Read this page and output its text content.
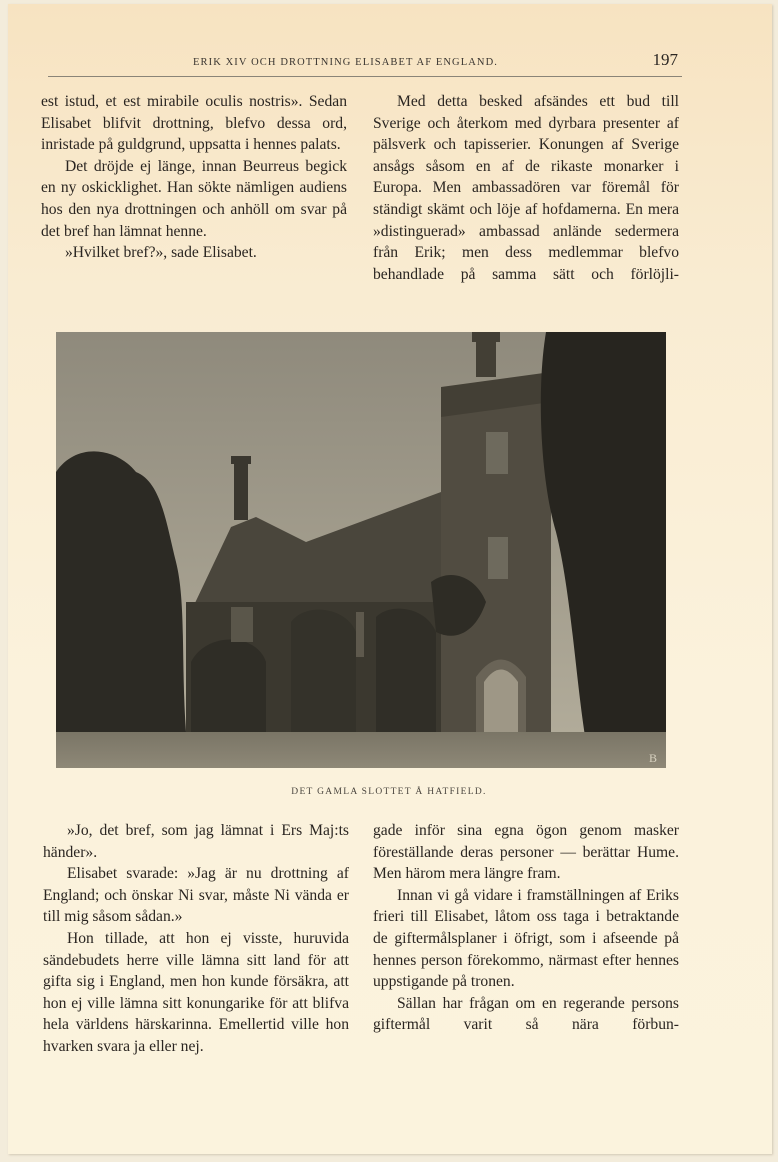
ERIK XIV OCH DROTTNING ELISABET AF ENGLAND.	197

est istud, et est mirabile oculis nostris». Sedan Elisabet blifvit drottning, blefvo dessa ord, inristade på guldgrund, uppsatta i hennes palats.

Det dröjde ej länge, innan Beurreus begick en ny oskicklighet. Han sökte nämligen audiens hos den nya drottningen och anhöll om svar på det bref han lämnat henne.

»Hvilket bref?», sade Elisabet.

Med detta besked afsändes ett bud till Sverige och återkom med dyrbara presenter af pälsverk och tapisserier. Konungen af Sverige ansågs såsom en af de rikaste monarker i Europa. Men ambassadören var föremål för ständigt skämt och löje af hofdamerna. En mera »distinguerad» ambassad anlände sedermera från Erik; men dess medlemmar blefvo behandlade på samma sätt och förlöjli-

B
DET GAMLA SLOTTET Å HATFIELD.

»Jo, det bref, som jag lämnat i Ers Maj:ts händer».

Elisabet svarade: »Jag är nu drottning af England; och önskar Ni svar, måste Ni vända er till mig såsom sådan.»

Hon tillade, att hon ej visste, huruvida sändebudets herre ville lämna sitt land för att gifta sig i England, men hon kunde försäkra, att hon ej ville lämna sitt konungarike för att blifva hela världens härskarinna. Emellertid ville hon hvarken svara ja eller nej.

gade inför sina egna ögon genom masker föreställande deras personer — berättar Hume. Men härom mera längre fram.

Innan vi gå vidare i framställningen af Eriks frieri till Elisabet, låtom oss taga i betraktande de giftermålsplaner i öfrigt, som i afseende på hennes person förekommo, närmast efter hennes uppstigande på tronen.

Sällan har frågan om en regerande persons giftermål varit så nära förbun-
